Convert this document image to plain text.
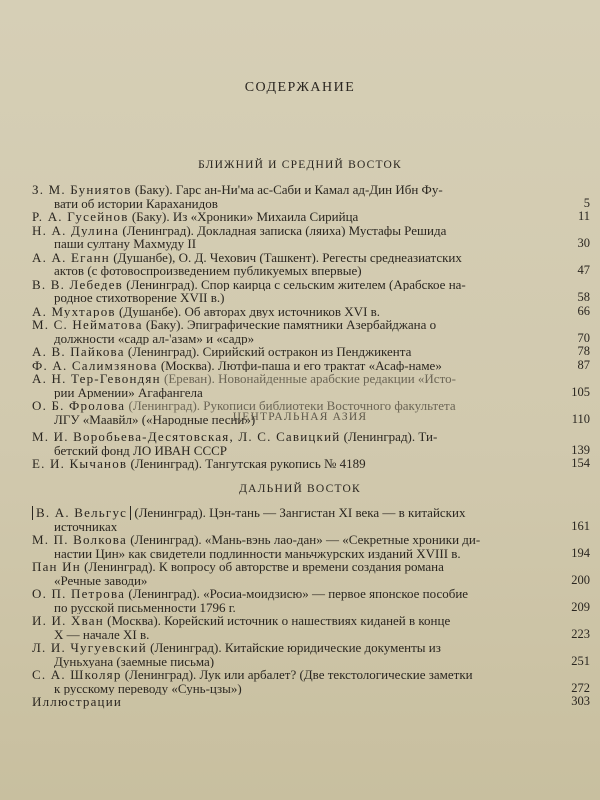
СОДЕРЖАНИЕ
БЛИЖНИЙ И СРЕДНИЙ ВОСТОК
З. М. Буниятов (Баку). Гарс ан-Ни'ма ас-Саби и Камал ад-Дин Ибн Фу-
вати об истории Караханидов	5
Р. А. Гусейнов (Баку). Из «Хроники» Михаила Сирийца	11
Н. А. Дулина (Ленинград). Докладная записка (ляиха) Мустафы Решида
паши султану Махмуду II	30
А. А. Еганн (Душанбе), О. Д. Чехович (Ташкент). Регесты среднеазиатских
актов (с фотовоспроизведением публикуемых впервые)	47
В. В. Лебедев (Ленинград). Спор каирца с сельским жителем (Арабское на-
родное стихотворение XVII в.)	58
А. Мухтаров (Душанбе). Об авторах двух источников XVI в.	66
М. С. Нейматова (Баку). Эпиграфические памятники Азербайджана о
должности «садр ал-'азам» и «садр»	70
А. В. Пайкова (Ленинград). Сирийский остракон из Пенджикента	78
Ф. А. Салимзянова (Москва). Лютфи-паша и его трактат «Асаф-наме»	87
А. Н. Тер-Гевондян (Ереван). Новонайденные арабские редакции «Исто-
рии Армении» Агафангела	105
О. Б. Фролова (Ленинград). Рукописи библиотеки Восточного факультета
ЛГУ «Маавйл» («Народные песни»)	110
ЦЕНТРАЛЬНАЯ АЗИЯ
М. И. Воробьева-Десятовская, Л. С. Савицкий (Ленинград). Ти-
бетский фонд ЛО ИВАН СССР	139
Е. И. Кычанов (Ленинград). Тангутская рукопись № 4189	154
ДАЛЬНИЙ ВОСТОК
В. А. Вельгус (Ленинград). Цэн-тань — Зангистан XI века — в китайских
источниках	161
М. П. Волкова (Ленинград). «Мань-вэнь лао-дан» — «Секретные хроники ди-
настии Цин» как свидетели подлинности маньчжурских изданий XVIII в.	194
Пан Ин (Ленинград). К вопросу об авторстве и времени создания романа
«Речные заводи»	200
О. П. Петрова (Ленинград). «Росиа-моидзисю» — первое японское пособие
по русской письменности 1796 г.	209
И. И. Хван (Москва). Корейский источник о нашествиях киданей в конце
X — начале XI в.	223
Л. И. Чугуевский (Ленинград). Китайские юридические документы из
Дуньхуана (заемные письма)	251
С. А. Школяр (Ленинград). Лук или арбалет? (Две текстологические заметки
к русскому переводу «Сунь-цзы»)	272
Иллюстрации	303
